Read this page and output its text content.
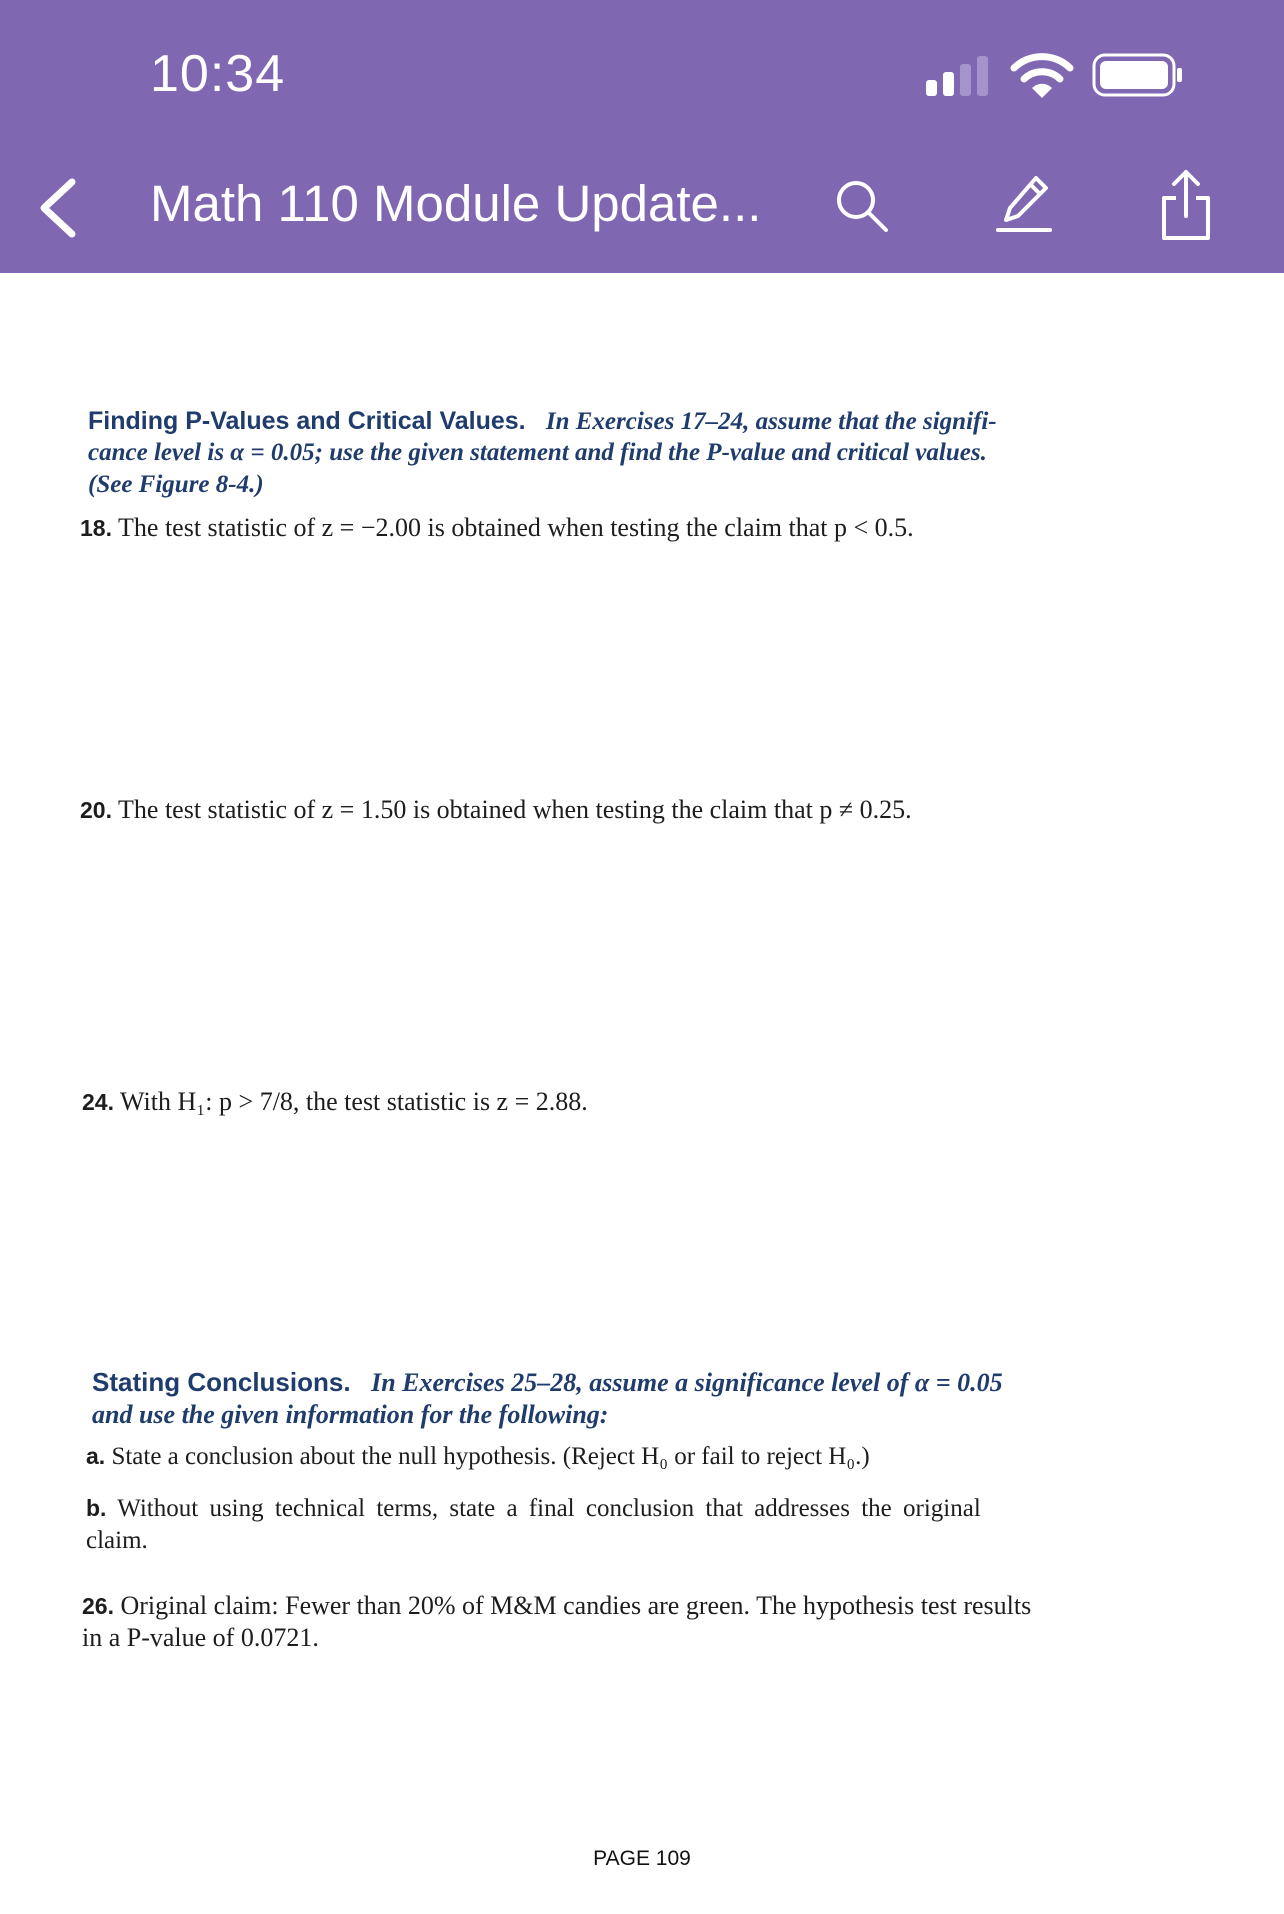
10:34
Math 110 Module Update...
Finding P-Values and Critical Values. In Exercises 17–24, assume that the signifi-
cance level is α = 0.05; use the given statement and find the P-value and critical values.
(See Figure 8-4.)
18. The test statistic of z = −2.00 is obtained when testing the claim that p < 0.5.
20. The test statistic of z = 1.50 is obtained when testing the claim that p ≠ 0.25.
24. With H₁: p > 7/8, the test statistic is z = 2.88.
Stating Conclusions. In Exercises 25–28, assume a significance level of α = 0.05
and use the given information for the following:
a. State a conclusion about the null hypothesis. (Reject H₀ or fail to reject H₀.)
b. Without using technical terms, state a final conclusion that addresses the original
claim.
26. Original claim: Fewer than 20% of M&M candies are green. The hypothesis test results
in a P-value of 0.0721.
PAGE 109
